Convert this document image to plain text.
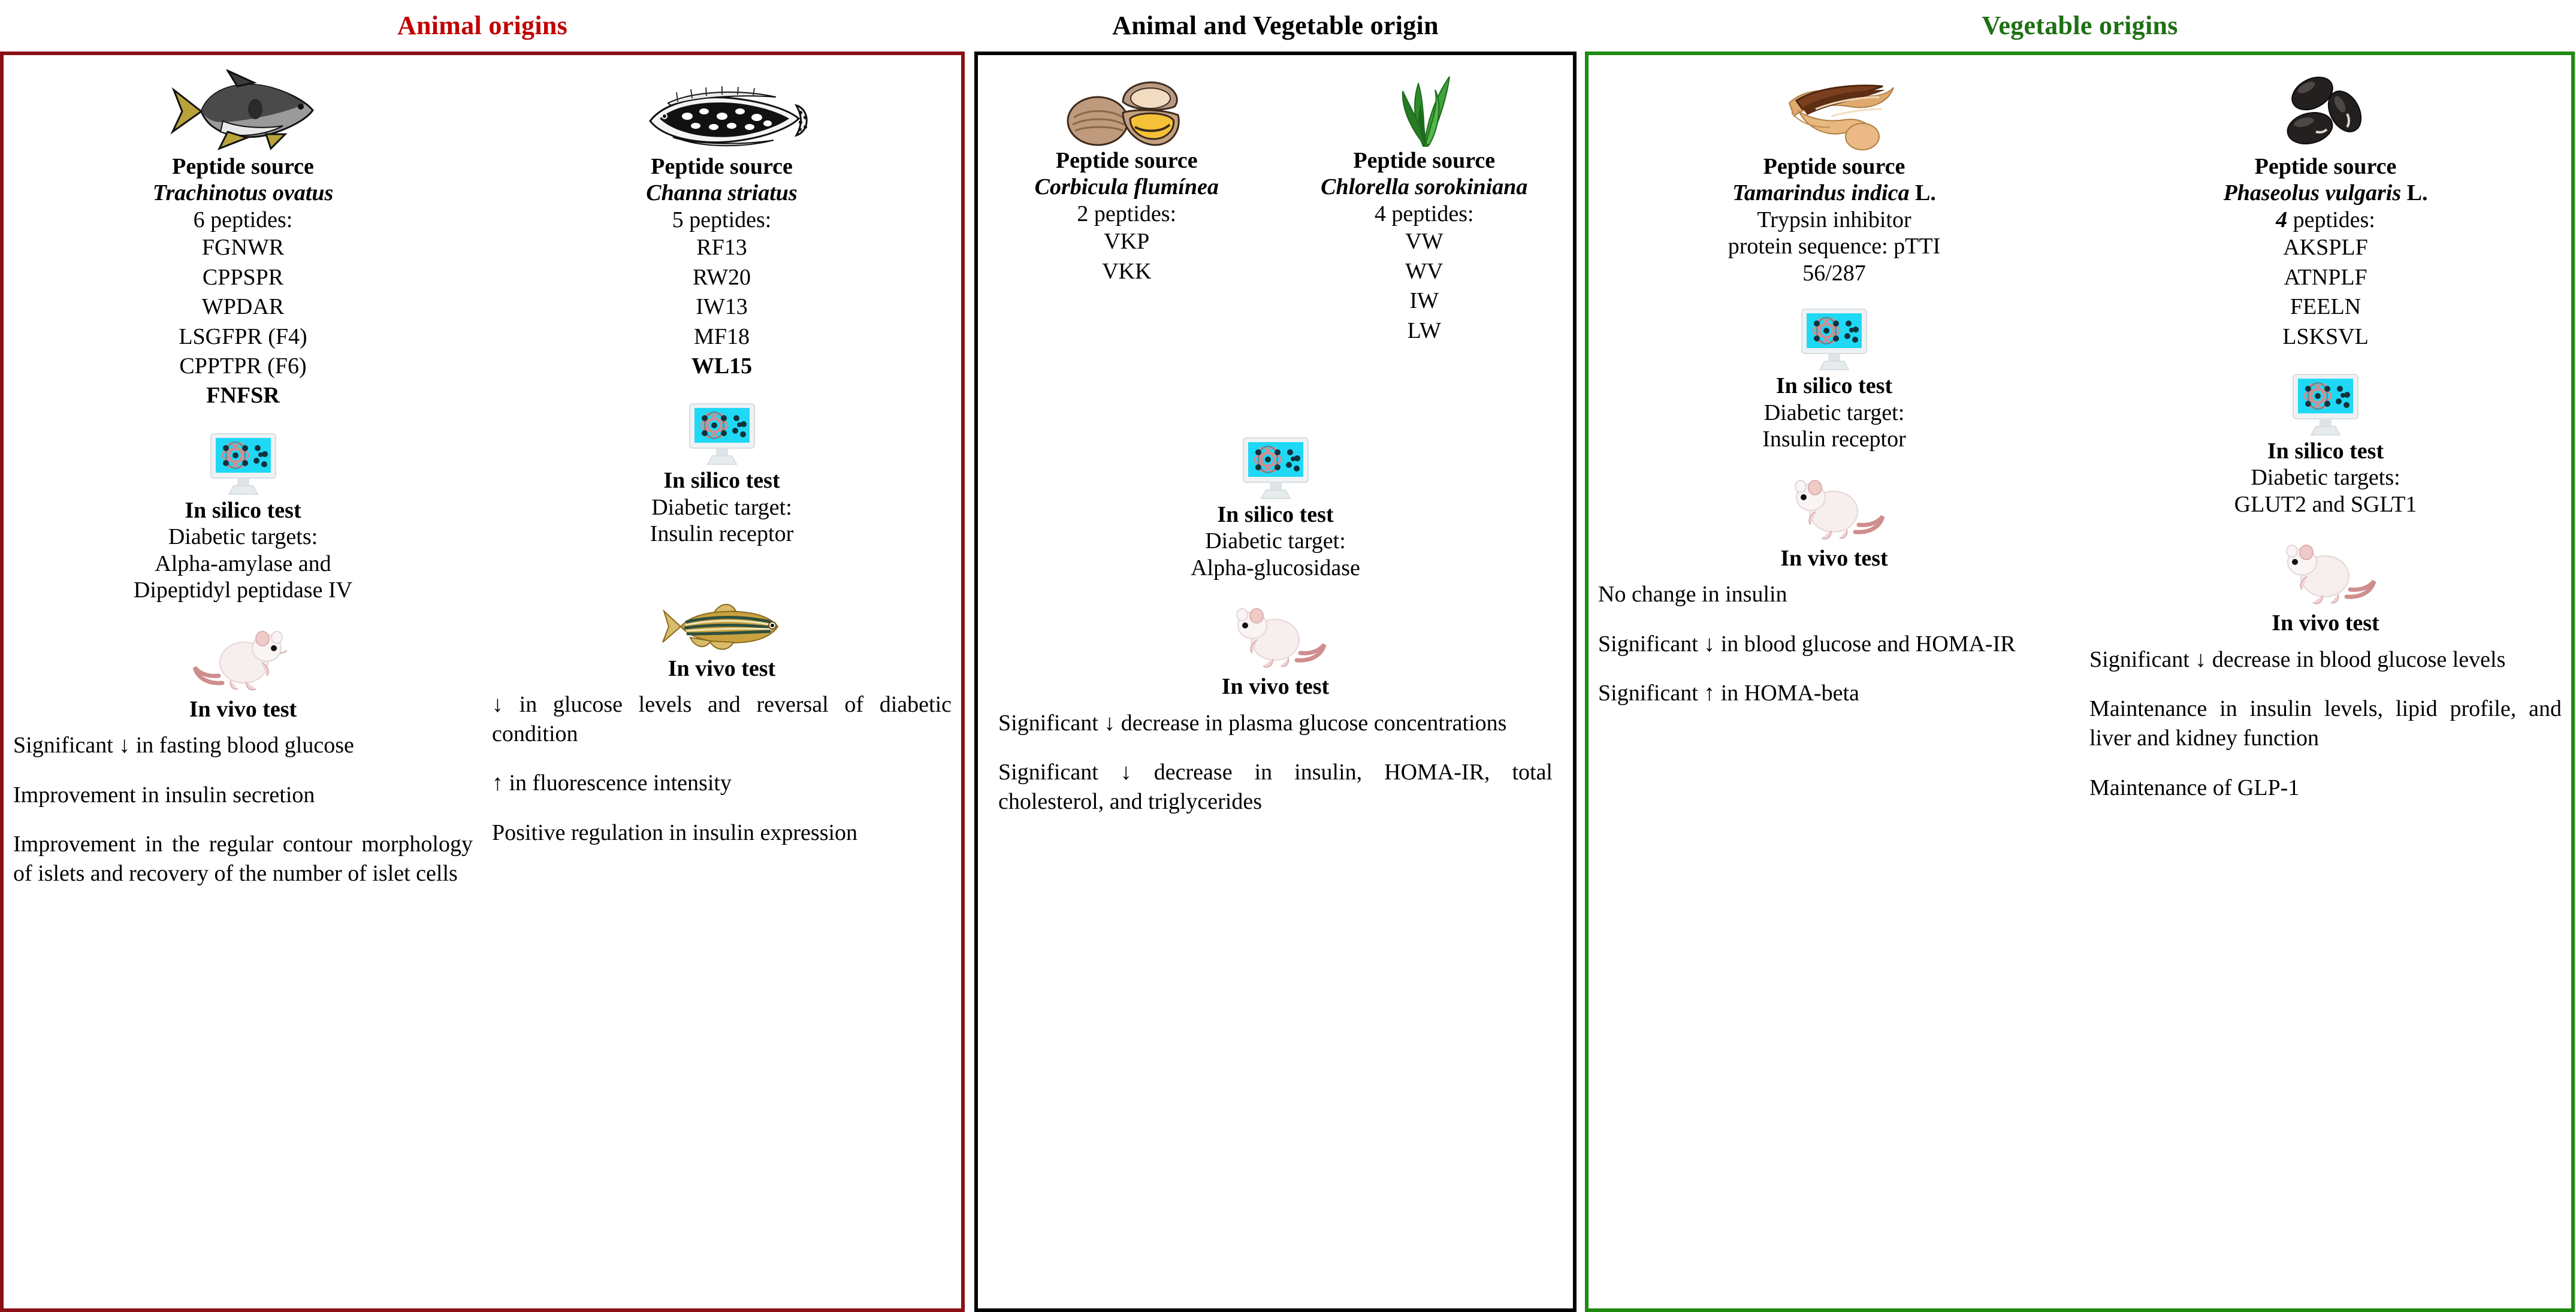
Animal origins
Peptide source
Trachinotus ovatus
6 peptides:
FGNWR
CPPSPR
WPDAR
LSGFPR (F4)
CPPTPR (F6)
FNFSR
In silico test
Diabetic targets:
Alpha-amylase and
Dipeptidyl peptidase IV
In vivo test
Significant ↓ in fasting blood glucose
Improvement in insulin secretion
Improvement in the regular contour morphology of islets and recovery of the number of islet cells
Peptide source
Channa striatus
5 peptides:
RF13
RW20
IW13
MF18
WL15
In silico test
Diabetic target:
Insulin receptor
In vivo test
↓ in glucose levels and reversal of diabetic condition
↑ in fluorescence intensity
Positive regulation in insulin expression
Animal and Vegetable origin
Peptide source
Corbicula flumínea
2 peptides:
VKP
VKK
Peptide source
Chlorella sorokiniana
4 peptides:
VW
WV
IW
LW
In silico test
Diabetic target:
Alpha-glucosidase
In vivo test
Significant ↓ decrease in plasma glucose concentrations
Significant ↓ decrease in insulin, HOMA-IR, total cholesterol, and triglycerides
Vegetable origins
Peptide source
Tamarindus indica L.
Trypsin inhibitor
protein sequence: pTTI
56/287
In silico test
Diabetic target:
Insulin receptor
In vivo test
No change in insulin
Significant ↓ in blood glucose and HOMA-IR
Significant ↑ in HOMA-beta
Peptide source
Phaseolus vulgaris L.
4 peptides:
AKSPLF
ATNPLF
FEELN
LSKSVL
In silico test
Diabetic targets:
GLUT2 and SGLT1
In vivo test
Significant ↓ decrease in blood glucose levels
Maintenance in insulin levels, lipid profile, and liver and kidney function
Maintenance of GLP-1
